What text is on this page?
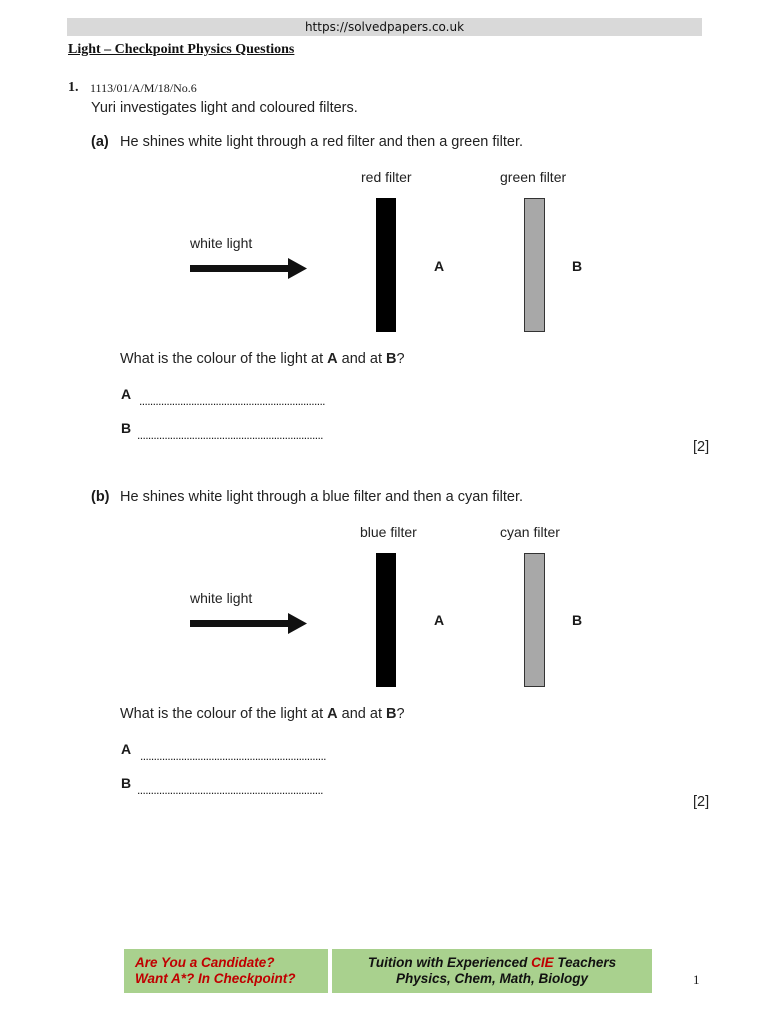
https://solvedpapers.co.uk
Light – Checkpoint Physics Questions
1. 1113/01/A/M/18/No.6
Yuri investigates light and coloured filters.
(a) He shines white light through a red filter and then a green filter.
red filter	green filter
white light
A	B
What is the colour of the light at A and at B?
A ....................................................................
B ....................................................................
[2]
(b) He shines white light through a blue filter and then a cyan filter.
blue filter	cyan filter
white light
A	B
What is the colour of the light at A and at B?
A ....................................................................
B ....................................................................
[2]
Are You a Candidate?
Want A*? In Checkpoint?
Tuition with Experienced CIE Teachers
Physics, Chem, Math, Biology	1
